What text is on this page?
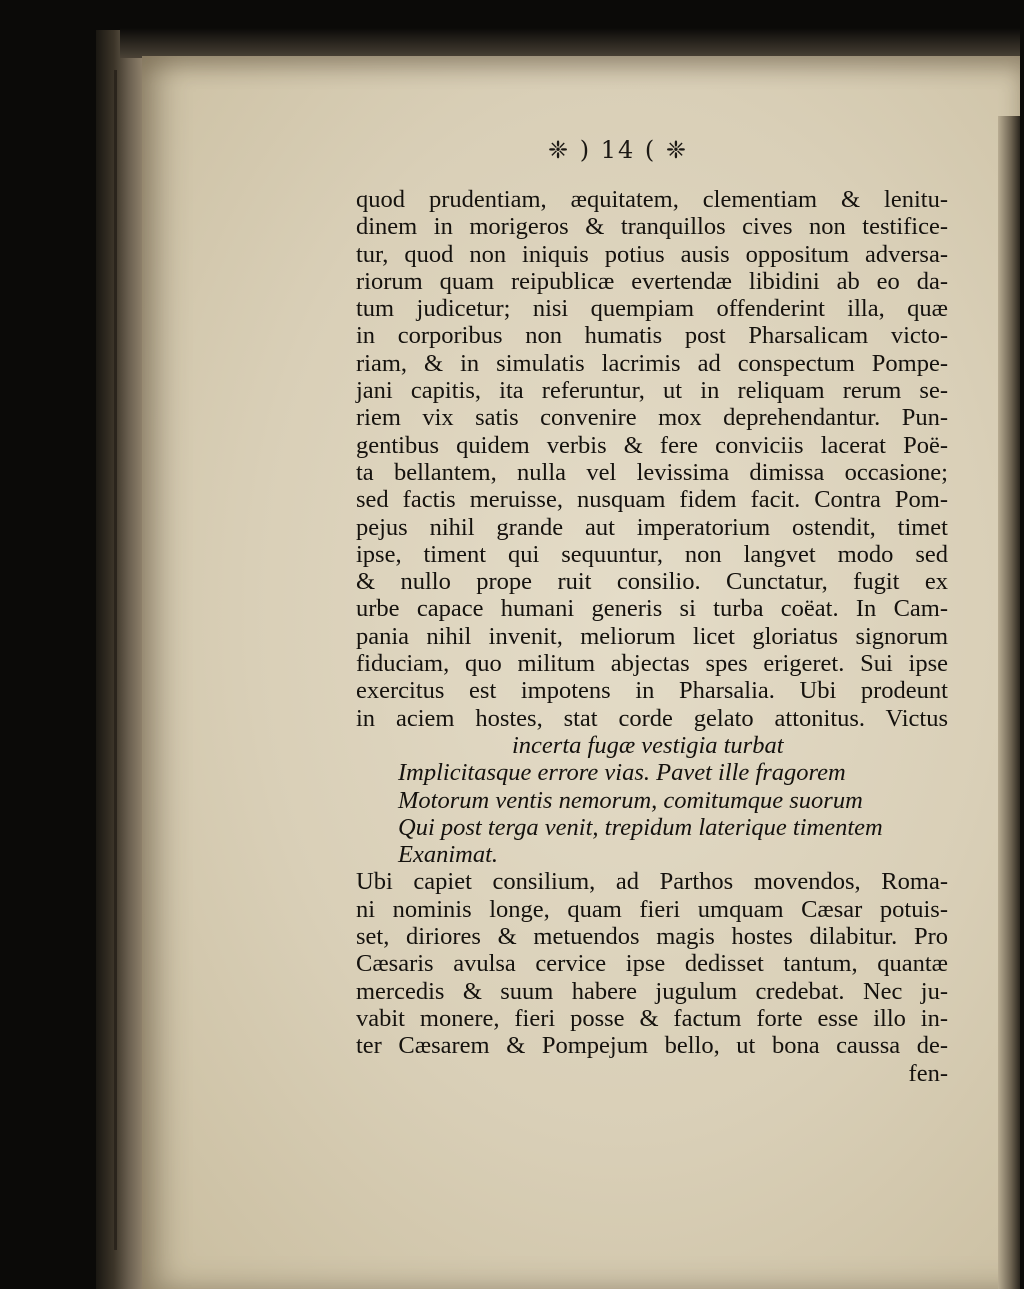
❈ ) 14 ( ❈
quod prudentiam, æquitatem, clementiam & lenitu-
dinem in morigeros & tranquillos cives non testifice-
tur, quod non iniquis potius ausis oppositum adversa-
riorum quam reipublicæ evertendæ libidini ab eo da-
tum judicetur; nisi quempiam offenderint illa, quæ
in corporibus non humatis post Pharsalicam victo-
riam, & in simulatis lacrimis ad conspectum Pompe-
jani capitis, ita referuntur, ut in reliquam rerum se-
riem vix satis convenire mox deprehendantur. Pun-
gentibus quidem verbis & fere conviciis lacerat Poë-
ta bellantem, nulla vel levissima dimissa occasione;
sed factis meruisse, nusquam fidem facit. Contra Pom-
pejus nihil grande aut imperatorium ostendit, timet
ipse, timent qui sequuntur, non langvet modo sed
& nullo prope ruit consilio. Cunctatur, fugit ex
urbe capace humani generis si turba coëat. In Cam-
pania nihil invenit, meliorum licet gloriatus signorum
fiduciam, quo militum abjectas spes erigeret. Sui ipse
exercitus est impotens in Pharsalia. Ubi prodeunt
in aciem hostes, stat corde gelato attonitus. Victus
incerta fugæ vestigia turbat
Implicitasque errore vias. Pavet ille fragorem
Motorum ventis nemorum, comitumque suorum
Qui post terga venit, trepidum laterique timentem
Exanimat.
Ubi capiet consilium, ad Parthos movendos, Roma-
ni nominis longe, quam fieri umquam Cæsar potuis-
set, diriores & metuendos magis hostes dilabitur. Pro
Cæsaris avulsa cervice ipse dedisset tantum, quantæ
mercedis & suum habere jugulum credebat. Nec ju-
vabit monere, fieri posse & factum forte esse illo in-
ter Cæsarem & Pompejum bello, ut bona caussa de-
fen-
